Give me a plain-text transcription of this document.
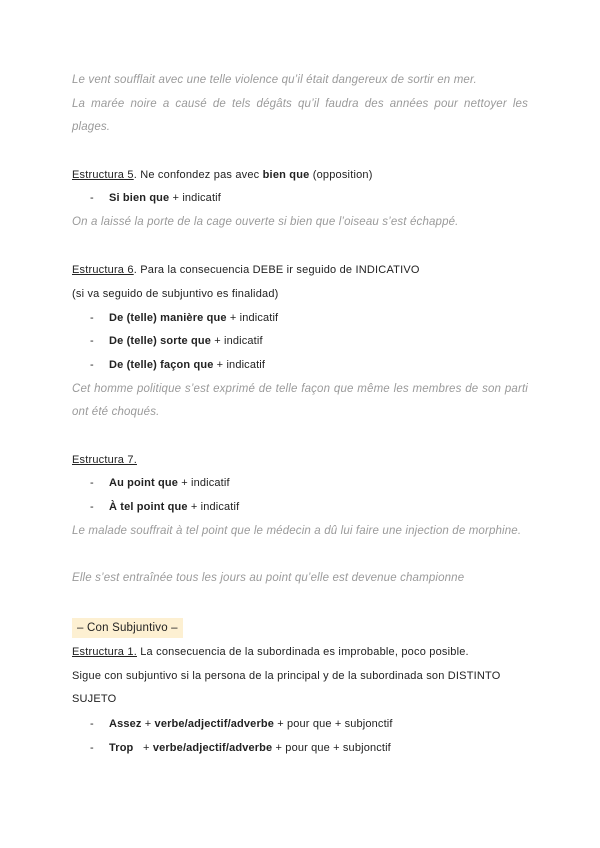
Le vent soufflait avec une telle violence qu’il était dangereux de sortir en mer.

La marée noire a causé de tels dégâts qu’il faudra des années pour nettoyer les plages.

Estructura 5. Ne confondez pas avec bien que (opposition)

- Si bien que + indicatif

On a laissé la porte de la cage ouverte si bien que l’oiseau s’est échappé.

Estructura 6. Para la consecuencia DEBE ir seguido de INDICATIVO

(si va seguido de subjuntivo es finalidad)

- De (telle) manière que + indicatif
- De (telle) sorte que + indicatif
- De (telle) façon que + indicatif

Cet homme politique s’est exprimé de telle façon que même les membres de son parti ont été choqués.

Estructura 7.

- Au point que + indicatif
- À tel point que + indicatif

Le malade souffrait à tel point que le médecin a dû lui faire une injection de morphine.

Elle s’est entraînée tous les jours au point qu’elle est devenue championne

– Con Subjuntivo –

Estructura 1. La consecuencia de la subordinada es improbable, poco posible.

Sigue con subjuntivo si la persona de la principal y de la subordinada son DISTINTO SUJETO

- Assez + verbe/adjectif/adverbe + pour que + subjonctif
- Trop   + verbe/adjectif/adverbe + pour que + subjonctif
